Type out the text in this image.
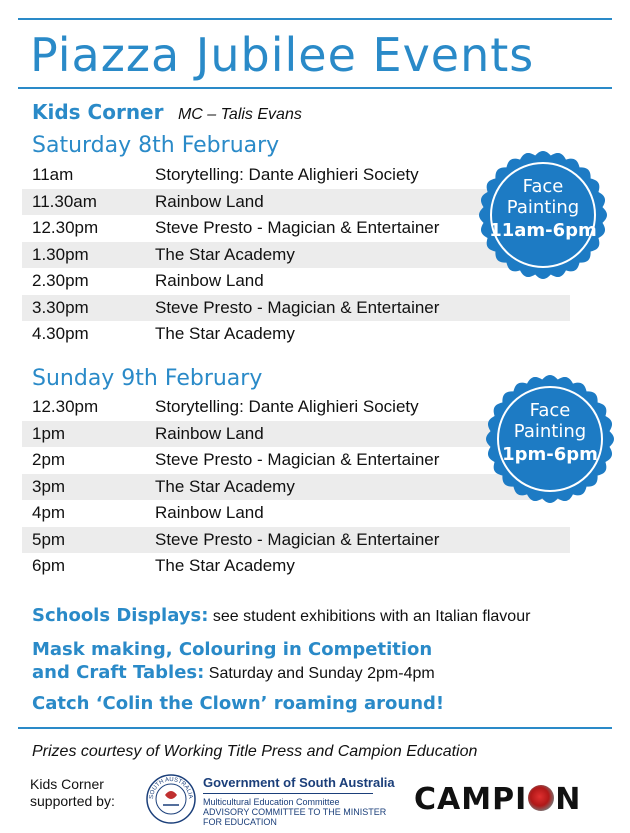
Piazza Jubilee Events
Kids Corner MC – Talis Evans
Saturday 8th February
11am	Storytelling: Dante Alighieri Society
11.30am	Rainbow Land
12.30pm	Steve Presto - Magician & Entertainer
1.30pm	The Star Academy
2.30pm	Rainbow Land
3.30pm	Steve Presto - Magician & Entertainer
4.30pm	The Star Academy
Sunday 9th February
12.30pm	Storytelling: Dante Alighieri Society
1pm	Rainbow Land
2pm	Steve Presto - Magician & Entertainer
3pm	The Star Academy
4pm	Rainbow Land
5pm	Steve Presto - Magician & Entertainer
6pm	The Star Academy
Face
Painting
11am-6pm
Face
Painting
1pm-6pm
Schools Displays: see student exhibitions with an Italian flavour
Mask making, Colouring in Competition
and Craft Tables: Saturday and Sunday 2pm-4pm
Catch ‘Colin the Clown’ roaming around!
Prizes courtesy of Working Title Press and Campion Education
Kids Corner
supported by:	SOUTH AUSTRALIA
Government of South Australia
Multicultural Education Committee
ADVISORY COMMITTEE TO THE MINISTER
FOR EDUCATION
CAMPI N
